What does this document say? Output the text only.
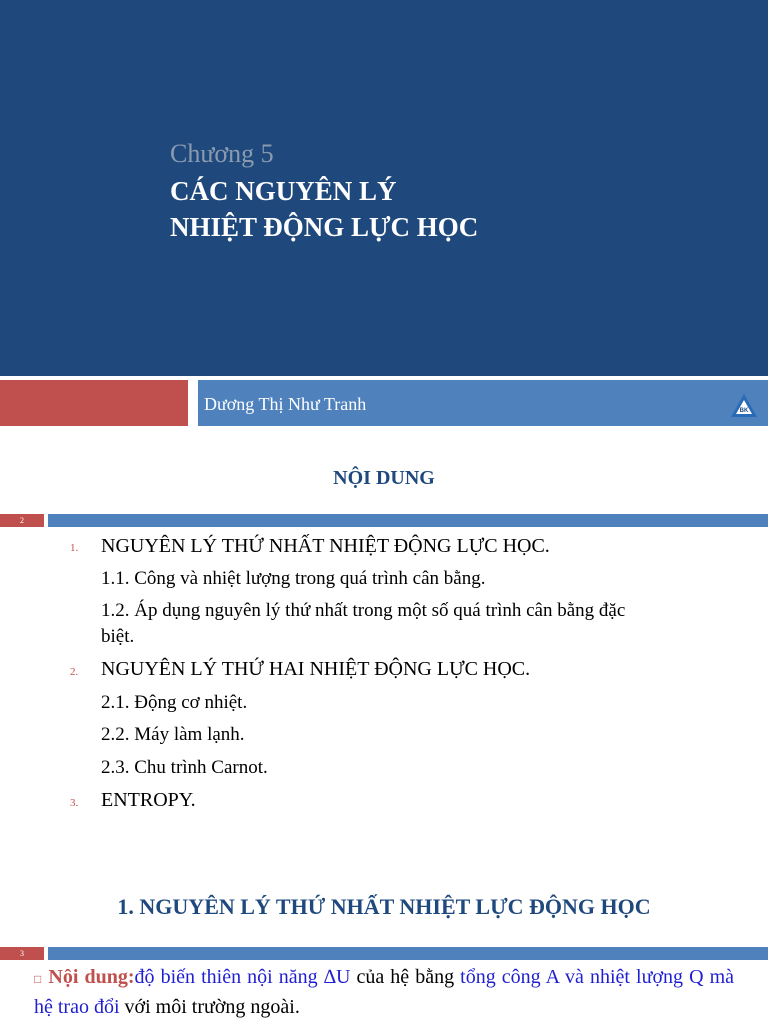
Chương 5
CÁC NGUYÊN LÝ
NHIỆT ĐỘNG LỰC HỌC
Dương Thị Như Tranh	BK
NỘI DUNG
2
1. NGUYÊN LÝ THỨ NHẤT NHIỆT ĐỘNG LỰC HỌC.
1.1. Công và nhiệt lượng trong quá trình cân bằng.
1.2. Áp dụng nguyên lý thứ nhất trong một số quá trình cân bằng đặc biệt.
2. NGUYÊN LÝ THỨ HAI NHIỆT ĐỘNG LỰC HỌC.
2.1. Động cơ nhiệt.
2.2. Máy làm lạnh.
2.3. Chu trình Carnot.
3. ENTROPY.
1. NGUYÊN LÝ THỨ NHẤT NHIỆT LỰC ĐỘNG HỌC
3
□ Nội dung:độ biến thiên nội năng ∆U của hệ bằng tổng công A và nhiệt lượng Q mà hệ trao đổi với môi trường ngoài.
